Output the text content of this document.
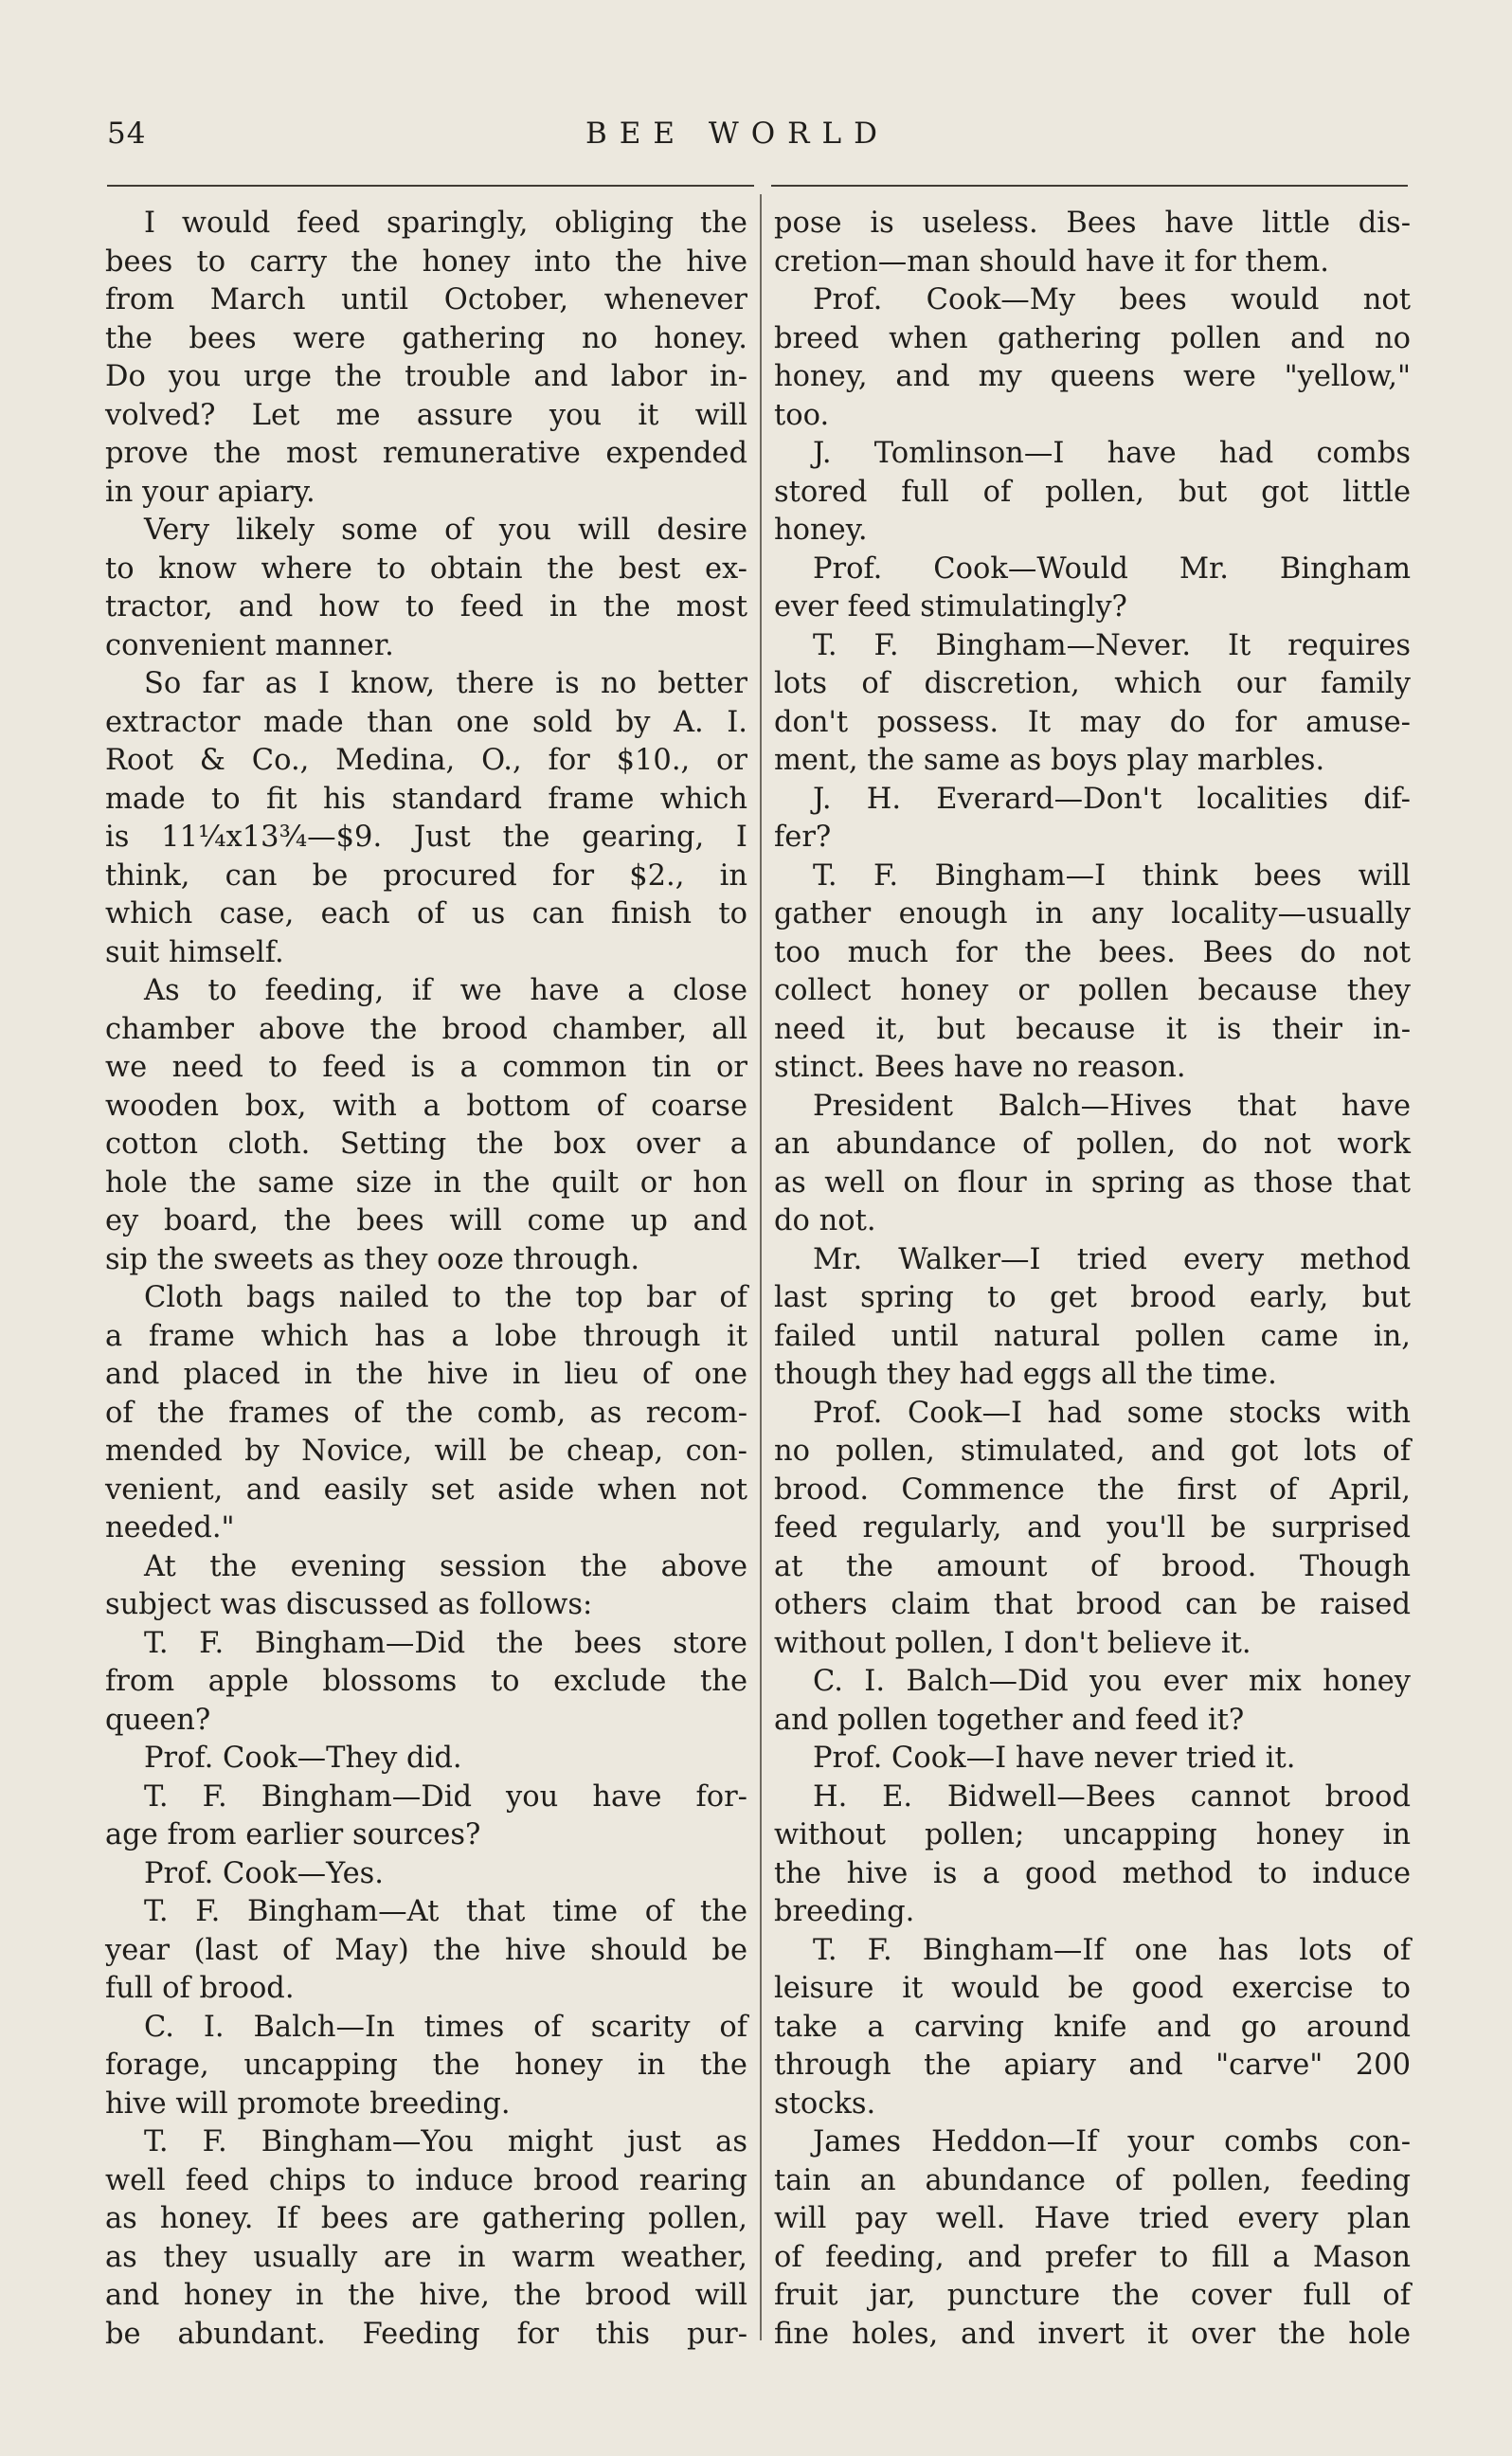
54	BEE WORLD
I would feed sparingly, obliging the
bees to carry the honey into the hive
from March until October, whenever
the bees were gathering no honey.
Do you urge the trouble and labor in-
volved? Let me assure you it will
prove the most remunerative expended
in your apiary.
Very likely some of you will desire
to know where to obtain the best ex-
tractor, and how to feed in the most
convenient manner.
So far as I know, there is no better
extractor made than one sold by A. I.
Root & Co., Medina, O., for $10., or
made to fit his standard frame which
is 11¼x13¾—$9. Just the gearing, I
think, can be procured for $2., in
which case, each of us can finish to
suit himself.
As to feeding, if we have a close
chamber above the brood chamber, all
we need to feed is a common tin or
wooden box, with a bottom of coarse
cotton cloth. Setting the box over a
hole the same size in the quilt or hon
ey board, the bees will come up and
sip the sweets as they ooze through.
Cloth bags nailed to the top bar of
a frame which has a lobe through it
and placed in the hive in lieu of one
of the frames of the comb, as recom-
mended by Novice, will be cheap, con-
venient, and easily set aside when not
needed."
At the evening session the above
subject was discussed as follows:
T. F. Bingham—Did the bees store
from apple blossoms to exclude the
queen?
Prof. Cook—They did.
T. F. Bingham—Did you have for-
age from earlier sources?
Prof. Cook—Yes.
T. F. Bingham—At that time of the
year (last of May) the hive should be
full of brood.
C. I. Balch—In times of scarity of
forage, uncapping the honey in the
hive will promote breeding.
T. F. Bingham—You might just as
well feed chips to induce brood rearing
as honey. If bees are gathering pollen,
as they usually are in warm weather,
and honey in the hive, the brood will
be abundant. Feeding for this pur-
pose is useless. Bees have little dis-
cretion—man should have it for them.
Prof. Cook—My bees would not
breed when gathering pollen and no
honey, and my queens were "yellow,"
too.
J. Tomlinson—I have had combs
stored full of pollen, but got little
honey.
Prof. Cook—Would Mr. Bingham
ever feed stimulatingly?
T. F. Bingham—Never. It requires
lots of discretion, which our family
don't possess. It may do for amuse-
ment, the same as boys play marbles.
J. H. Everard—Don't localities dif-
fer?
T. F. Bingham—I think bees will
gather enough in any locality—usually
too much for the bees. Bees do not
collect honey or pollen because they
need it, but because it is their in-
stinct. Bees have no reason.
President Balch—Hives that have
an abundance of pollen, do not work
as well on flour in spring as those that
do not.
Mr. Walker—I tried every method
last spring to get brood early, but
failed until natural pollen came in,
though they had eggs all the time.
Prof. Cook—I had some stocks with
no pollen, stimulated, and got lots of
brood. Commence the first of April,
feed regularly, and you'll be surprised
at the amount of brood. Though
others claim that brood can be raised
without pollen, I don't believe it.
C. I. Balch—Did you ever mix honey
and pollen together and feed it?
Prof. Cook—I have never tried it.
H. E. Bidwell—Bees cannot brood
without pollen; uncapping honey in
the hive is a good method to induce
breeding.
T. F. Bingham—If one has lots of
leisure it would be good exercise to
take a carving knife and go around
through the apiary and "carve" 200
stocks.
James Heddon—If your combs con-
tain an abundance of pollen, feeding
will pay well. Have tried every plan
of feeding, and prefer to fill a Mason
fruit jar, puncture the cover full of
fine holes, and invert it over the hole
